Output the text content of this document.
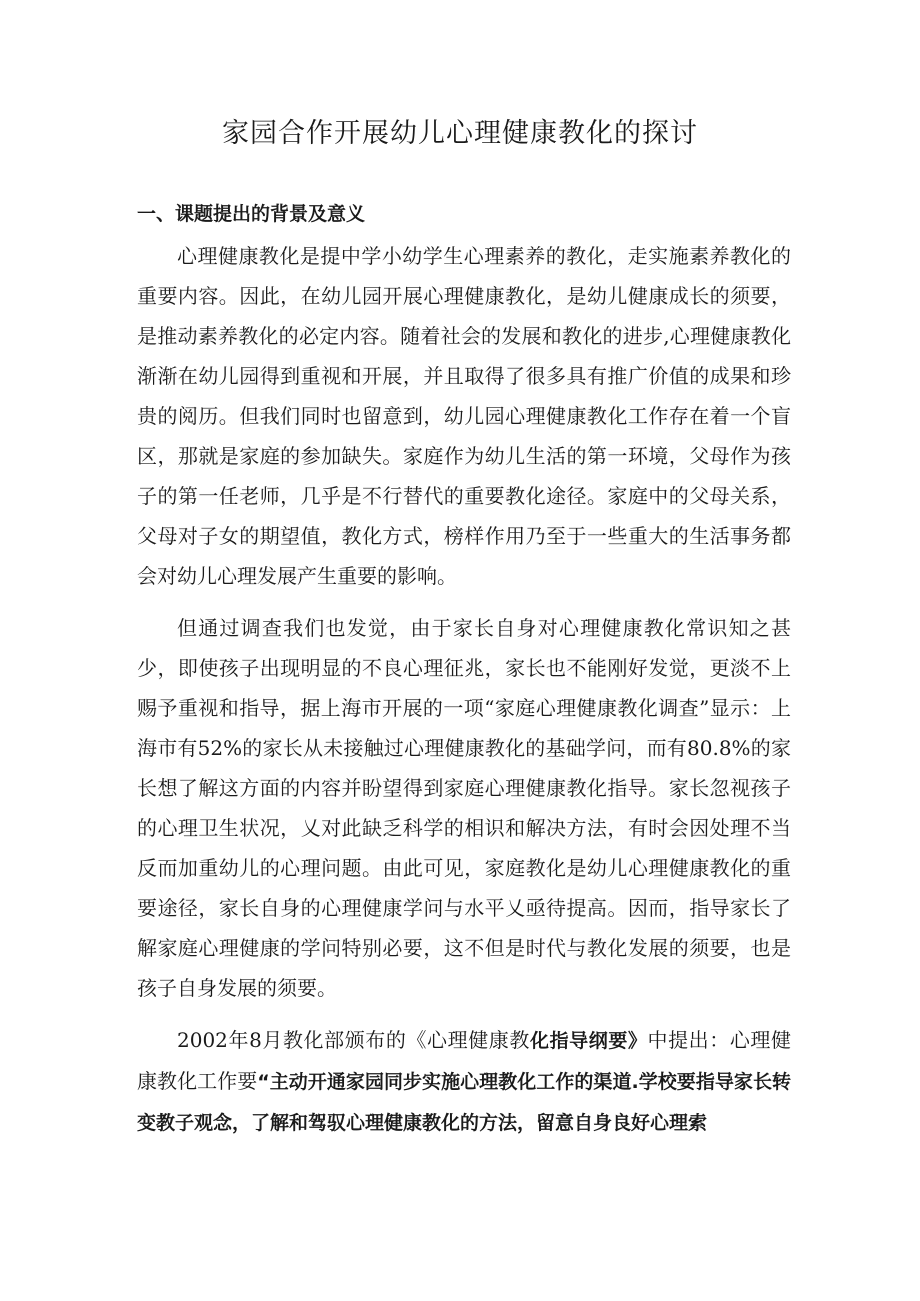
家园合作开展幼儿心理健康教化的探讨
一、课题提出的背景及意义

心理健康教化是提中学小幼学生心理素养的教化，走实施素养教化的重要内容。因此，在幼儿园开展心理健康教化，是幼儿健康成长的须要，是推动素养教化的必定内容。随着社会的发展和教化的进步,心理健康教化渐渐在幼儿园得到重视和开展，并且取得了很多具有推广价值的成果和珍贵的阅历。但我们同时也留意到，幼儿园心理健康教化工作存在着一个盲区，那就是家庭的参加缺失。家庭作为幼儿生活的第一环境，父母作为孩子的第一任老师，几乎是不行替代的重要教化途径。家庭中的父母关系，父母对子女的期望值，教化方式，榜样作用乃至于一些重大的生活事务都会对幼儿心理发展产生重要的影响。

但通过调查我们也发觉，由于家长自身对心理健康教化常识知之甚少，即使孩子出现明显的不良心理征兆，家长也不能刚好发觉，更淡不上赐予重视和指导，据上海市开展的一项“家庭心理健康教化调查”显示：上海市有52%的家长从未接触过心理健康教化的基础学问，而有80.8%的家长想了解这方面的内容并盼望得到家庭心理健康教化指导。家长忽视孩子的心理卫生状况，乂对此缺乏科学的相识和解决方法，有时会因处理不当反而加重幼儿的心理问题。由此可见，家庭教化是幼儿心理健康教化的重要途径，家长自身的心理健康学问与水平乂亟待提高。因而，指导家长了解家庭心理健康的学问特别必要，这不但是时代与教化发展的须要，也是孩子自身发展的须要。

2002年8月教化部颁布的《心理健康教化指导纲要》中提出：心理健康教化工作要“主动开通家园同步实施心理教化工作的渠道.学校要指导家长转变教子观念，了解和驾驭心理健康教化的方法，留意自身良好心理索
